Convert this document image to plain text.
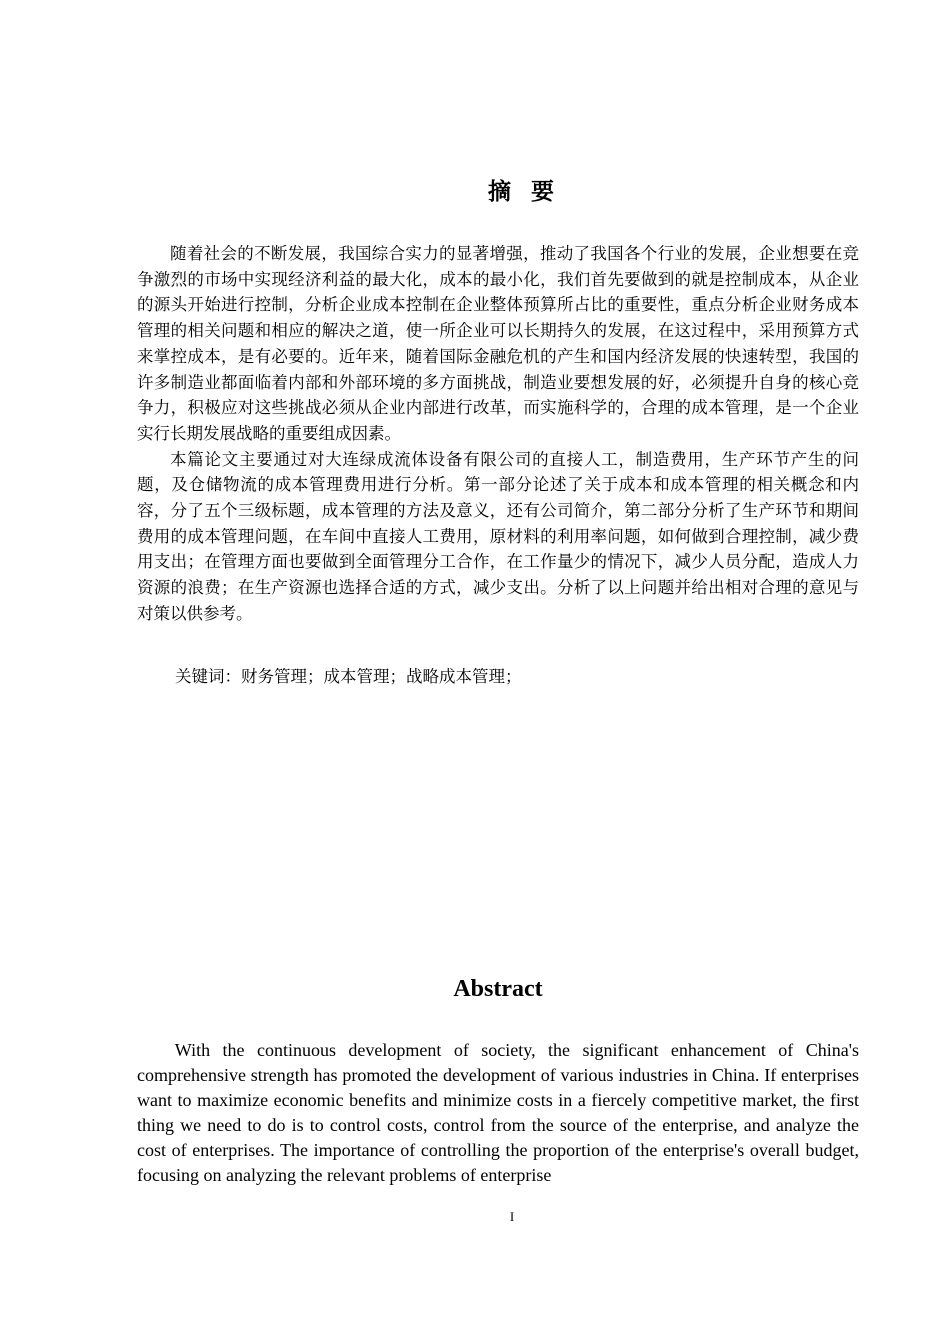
摘 要

随着社会的不断发展，我国综合实力的显著增强，推动了我国各个行业的发展，企业想要在竞争激烈的市场中实现经济利益的最大化，成本的最小化，我们首先要做到的就是控制成本，从企业的源头开始进行控制，分析企业成本控制在企业整体预算所占比的重要性，重点分析企业财务成本管理的相关问题和相应的解决之道，使一所企业可以长期持久的发展，在这过程中，采用预算方式来掌控成本，是有必要的。近年来，随着国际金融危机的产生和国内经济发展的快速转型，我国的许多制造业都面临着内部和外部环境的多方面挑战，制造业要想发展的好，必须提升自身的核心竞争力，积极应对这些挑战必须从企业内部进行改革，而实施科学的，合理的成本管理，是一个企业实行长期发展战略的重要组成因素。

本篇论文主要通过对大连绿成流体设备有限公司的直接人工，制造费用，生产环节产生的问题，及仓储物流的成本管理费用进行分析。第一部分论述了关于成本和成本管理的相关概念和内容，分了五个三级标题，成本管理的方法及意义，还有公司简介，第二部分分析了生产环节和期间费用的成本管理问题，在车间中直接人工费用，原材料的利用率问题，如何做到合理控制，减少费用支出；在管理方面也要做到全面管理分工合作，在工作量少的情况下，减少人员分配，造成人力资源的浪费；在生产资源也选择合适的方式，减少支出。分析了以上问题并给出相对合理的意见与对策以供参考。

关键词：财务管理；成本管理；战略成本管理；
Abstract

With the continuous development of society, the significant enhancement of China's comprehensive strength has promoted the development of various industries in China. If enterprises want to maximize economic benefits and minimize costs in a fiercely competitive market, the first thing we need to do is to control costs, control from the source of the enterprise, and analyze the cost of enterprises. The importance of controlling the proportion of the enterprise's overall budget, focusing on analyzing the relevant problems of enterprise

I
